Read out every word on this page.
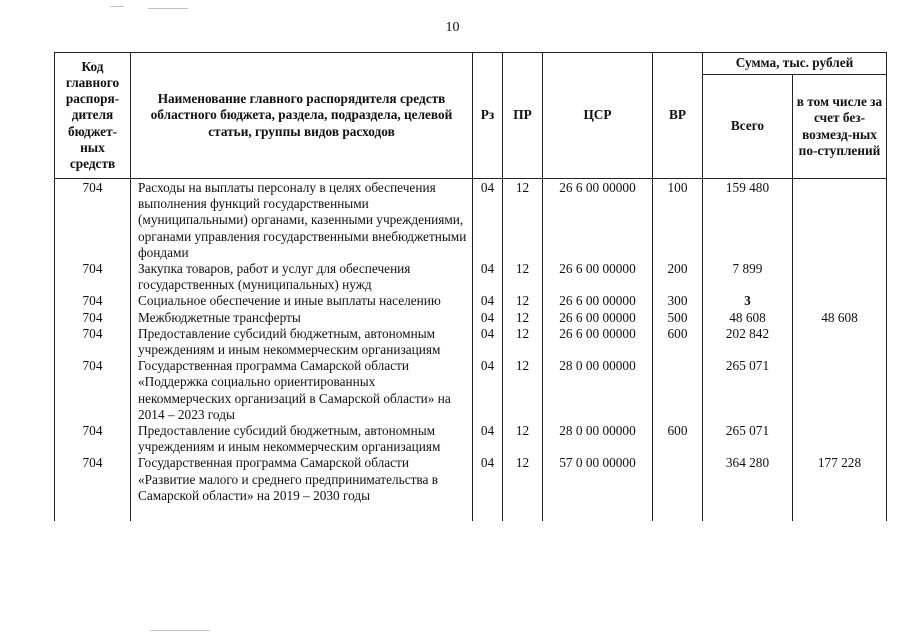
10
Код главного распоря-дителя бюджет-ных средств	Наименование главного распорядителя средств областного бюджета, раздела, подраздела, целевой статьи, группы видов расходов	Рз	ПР	ЦСР	ВР	Сумма, тыс. рублей	
						Всего	в том числе за счет без-возмезд-ных по-ступлений
704	Расходы на выплаты персоналу в целях обеспечения выполнения функций государственными (муниципальными) органами, казенными учреждениями, органами управления государственными внебюджетными фондами	04	12	26 6 00 00000	100	159 480	
704	Закупка товаров, работ и услуг для обеспечения государственных (муниципальных) нужд	04	12	26 6 00 00000	200	7 899	
704	Социальное обеспечение и иные выплаты населению	04	12	26 6 00 00000	300	3	
704	Межбюджетные трансферты	04	12	26 6 00 00000	500	48 608	48 608
704	Предоставление субсидий бюджетным, автономным учреждениям и иным некоммерческим организациям	04	12	26 6 00 00000	600	202 842	
704	Государственная программа Самарской области «Поддержка социально ориентированных некоммерческих организаций в Самарской области» на 2014 – 2023 годы	04	12	28 0 00 00000		265 071	
704	Предоставление субсидий бюджетным, автономным учреждениям и иным некоммерческим организациям	04	12	28 0 00 00000	600	265 071	
704	Государственная программа Самарской области «Развитие малого и среднего предпринимательства в Самарской области» на 2019 – 2030 годы	04	12	57 0 00 00000		364 280	177 228
